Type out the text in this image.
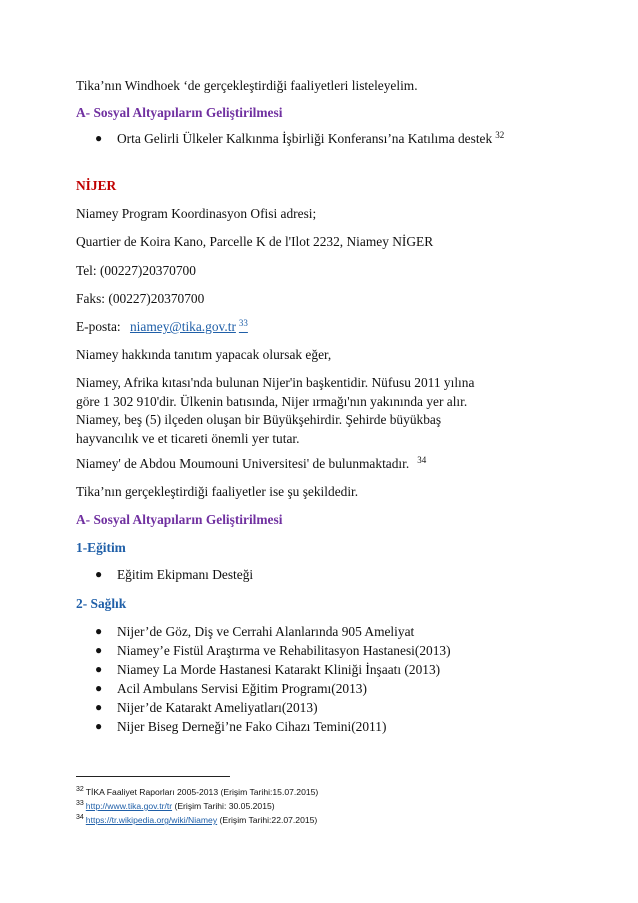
Tika’nın Windhoek ‘de gerçekleştirdiği faaliyetleri listeleyelim.
A- Sosyal Altyapıların Geliştirilmesi
● Orta Gelirli Ülkeler Kalkınma İşbirliği Konferansı’na Katılıma destek $^{32}$
NİJER
Niamey Program Koordinasyon Ofisi adresi;
Quartier de Koira Kano, Parcelle K de l'Ilot 2232, Niamey NİGER
Tel: (00227)20370700
Faks: (00227)20370700
E-posta: niamey@tika.gov.tr $^{33}$
Niamey hakkında tanıtım yapacak olursak eğer,
Niamey, Afrika kıtası'nda bulunan Nijer'in başkentidir. Nüfusu 2011 yılına
göre 1 302 910'dir. Ülkenin batısında, Nijer ırmağı'nın yakınında yer alır.
Niamey, beş (5) ilçeden oluşan bir Büyükşehirdir. Şehirde büyükbaş
hayvancılık ve et ticareti önemli yer tutar.
Niamey' de Abdou Moumouni Universitesi' de bulunmaktadır. $^{34}$
Tika’nın gerçekleştirdiği faaliyetler ise şu şekildedir.
A- Sosyal Altyapıların Geliştirilmesi
1-Eğitim
● Eğitim Ekipmanı Desteği
2- Sağlık
● Nijer’de Göz, Diş ve Cerrahi Alanlarında 905 Ameliyat
● Niamey’e Fistül Araştırma ve Rehabilitasyon Hastanesi(2013)
● Niamey La Morde Hastanesi Katarakt Kliniği İnşaatı (2013)
● Acil Ambulans Servisi Eğitim Programı(2013)
● Nijer’de Katarakt Ameliyatları(2013)
● Nijer Biseg Derneği’ne Fako Cihazı Temini(2011)
$^{32}$ TİKA Faaliyet Raporları 2005-2013 (Erişim Tarihi:15.07.2015)
$^{33}$ http://www.tika.gov.tr/tr (Erişim Tarihi: 30.05.2015)
$^{34}$ https://tr.wikipedia.org/wiki/Niamey (Erişim Tarihi:22.07.2015)
